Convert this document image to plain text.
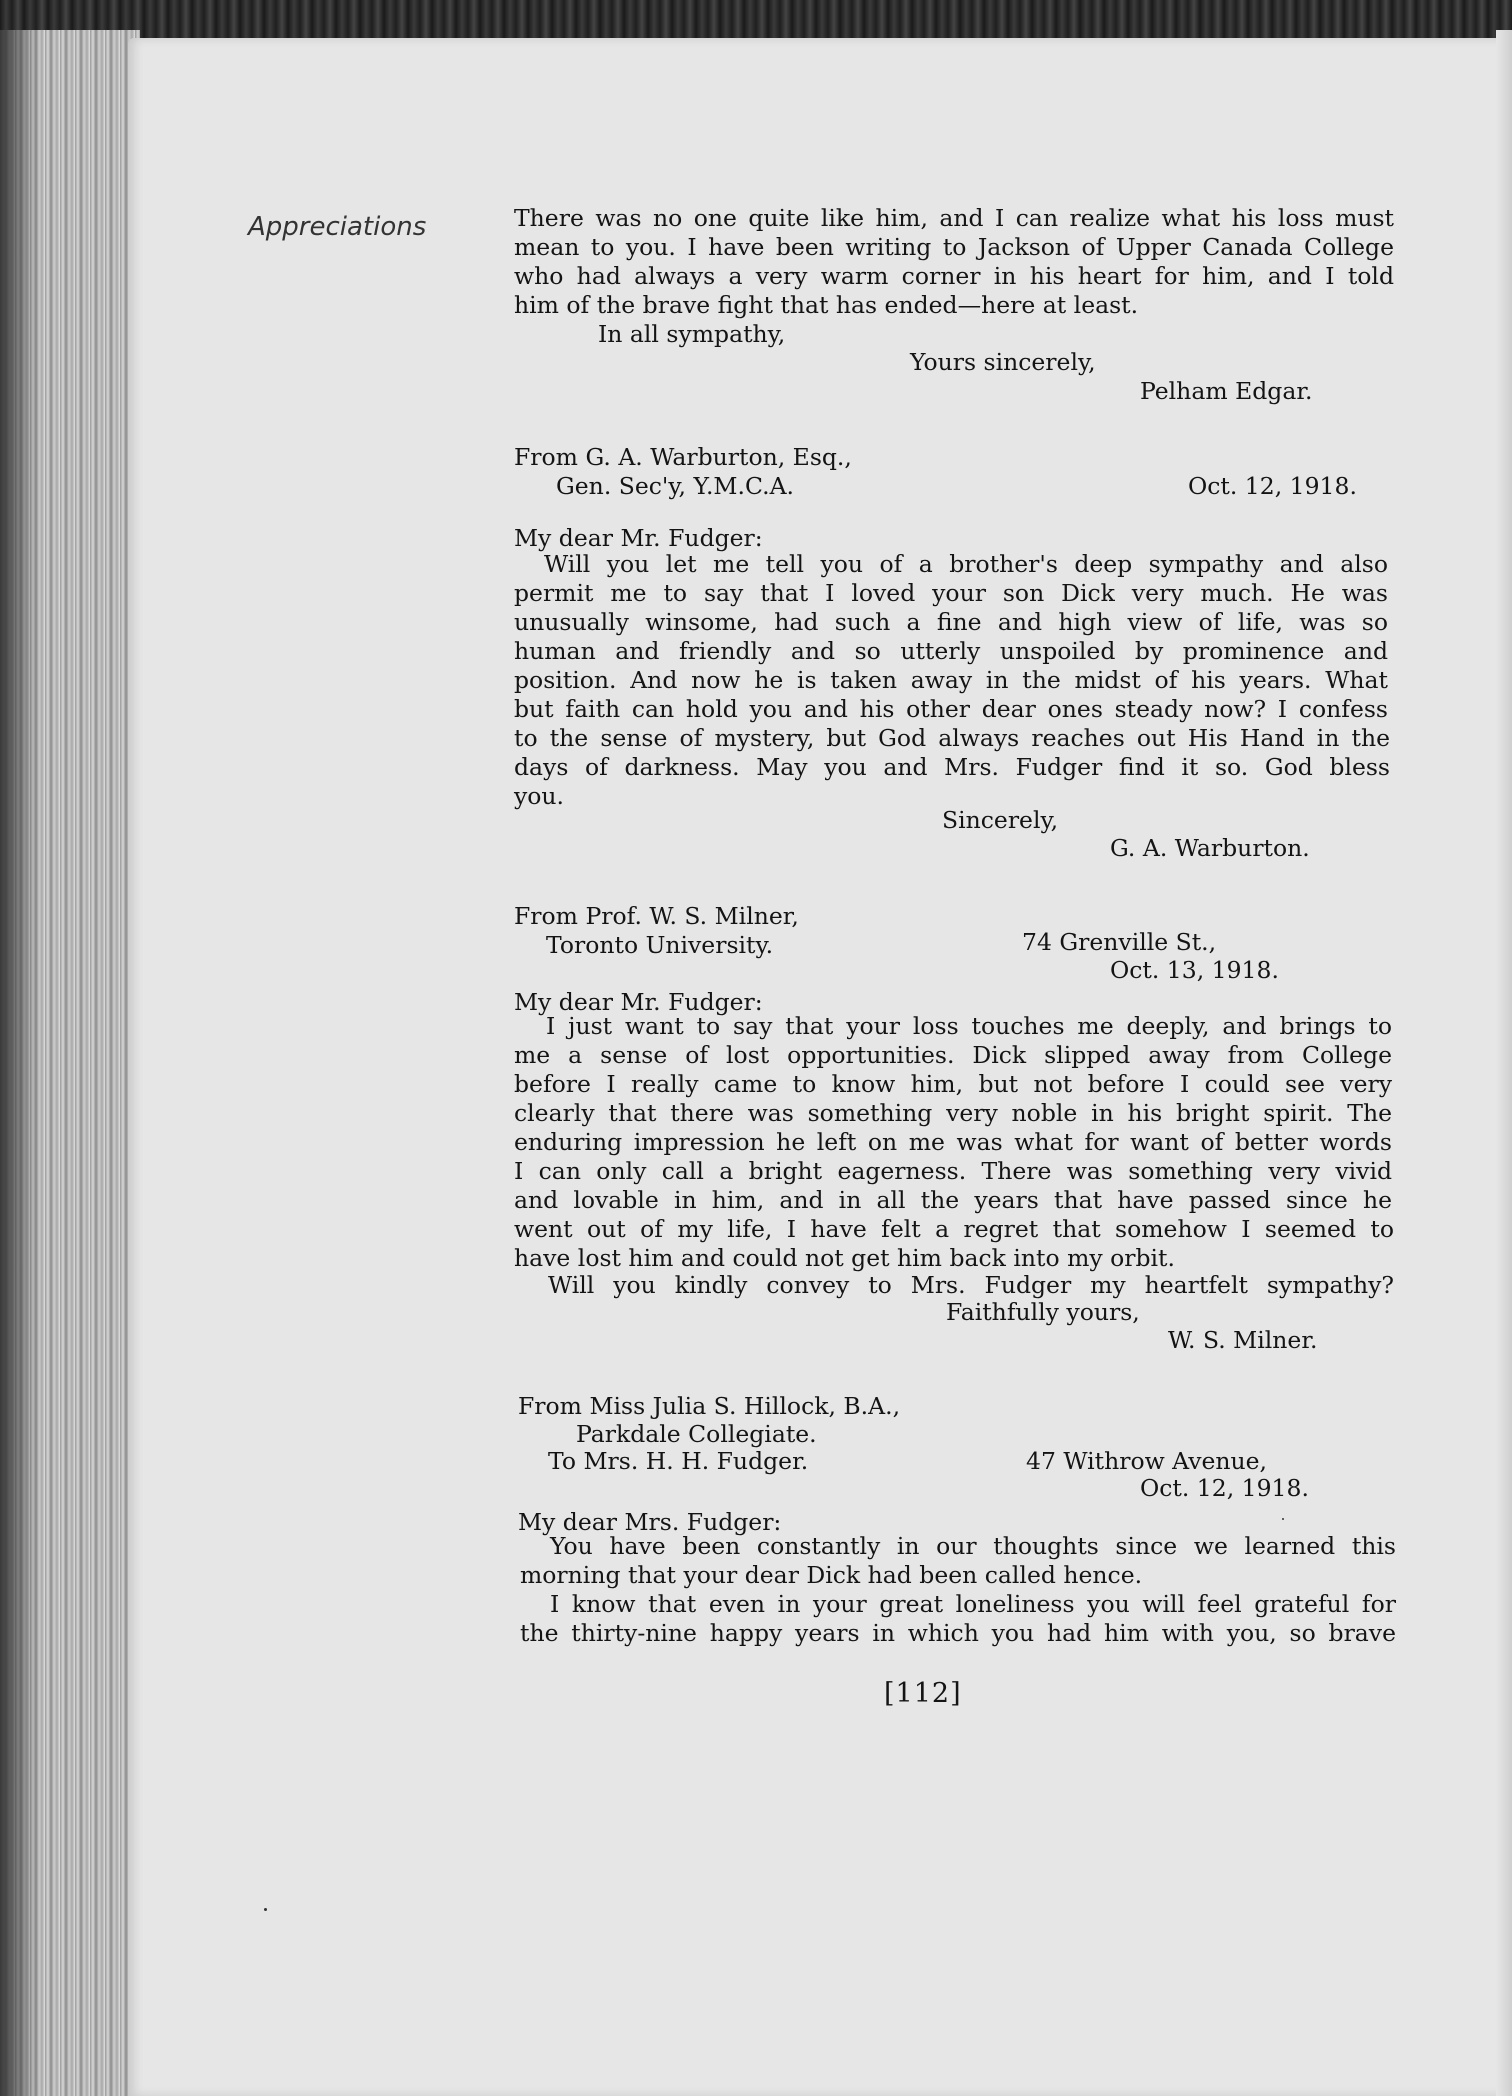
Appreciations	There was no one quite like him, and I can realize what his loss must
mean to you. I have been writing to Jackson of Upper Canada College
who had always a very warm corner in his heart for him, and I told
him of the brave fight that has ended—here at least.
In all sympathy,
Yours sincerely,
Pelham Edgar.
From G. A. Warburton, Esq.,
Gen. Sec'y, Y.M.C.A.	Oct. 12, 1918.
My dear Mr. Fudger:
Will you let me tell you of a brother's deep sympathy and also
permit me to say that I loved your son Dick very much. He was
unusually winsome, had such a fine and high view of life, was so
human and friendly and so utterly unspoiled by prominence and
position. And now he is taken away in the midst of his years. What
but faith can hold you and his other dear ones steady now? I confess
to the sense of mystery, but God always reaches out His Hand in the
days of darkness. May you and Mrs. Fudger find it so. God bless
you.
Sincerely,
G. A. Warburton.
From Prof. W. S. Milner,
Toronto University.	74 Grenville St.,
Oct. 13, 1918.
My dear Mr. Fudger:
I just want to say that your loss touches me deeply, and brings to
me a sense of lost opportunities. Dick slipped away from College
before I really came to know him, but not before I could see very
clearly that there was something very noble in his bright spirit. The
enduring impression he left on me was what for want of better words
I can only call a bright eagerness. There was something very vivid
and lovable in him, and in all the years that have passed since he
went out of my life, I have felt a regret that somehow I seemed to
have lost him and could not get him back into my orbit.
Will you kindly convey to Mrs. Fudger my heartfelt sympathy?
Faithfully yours,
W. S. Milner.
From Miss Julia S. Hillock, B.A.,
Parkdale Collegiate.
To Mrs. H. H. Fudger.	47 Withrow Avenue,
Oct. 12, 1918.
My dear Mrs. Fudger:
You have been constantly in our thoughts since we learned this
morning that your dear Dick had been called hence.
I know that even in your great loneliness you will feel grateful for
the thirty-nine happy years in which you had him with you, so brave
[112]
